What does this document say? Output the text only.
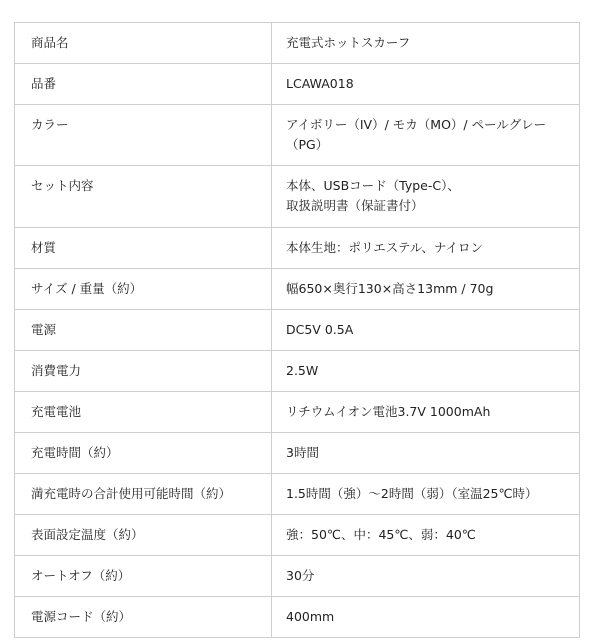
商品名	充電式ホットスカーフ
品番	LCAWA018
カラー	アイボリー（IV）/ モカ（MO）/ ペールグレー（PG）
セット内容	本体、USBコード（Type-C）、
取扱説明書（保証書付）

材質	本体生地：ポリエステル、ナイロン
サイズ / 重量（約）	幅650×奥行130×高さ13mm / 70g
電源	DC5V 0.5A
消費電力	2.5W
充電電池	リチウムイオン電池3.7V 1000mAh
充電時間（約）	3時間
満充電時の合計使用可能時間（約）	1.5時間（強）～2時間（弱）（室温25℃時）
表面設定温度（約）	強：50℃、中：45℃、弱：40℃
オートオフ（約）	30分
電源コード（約）	400mm
